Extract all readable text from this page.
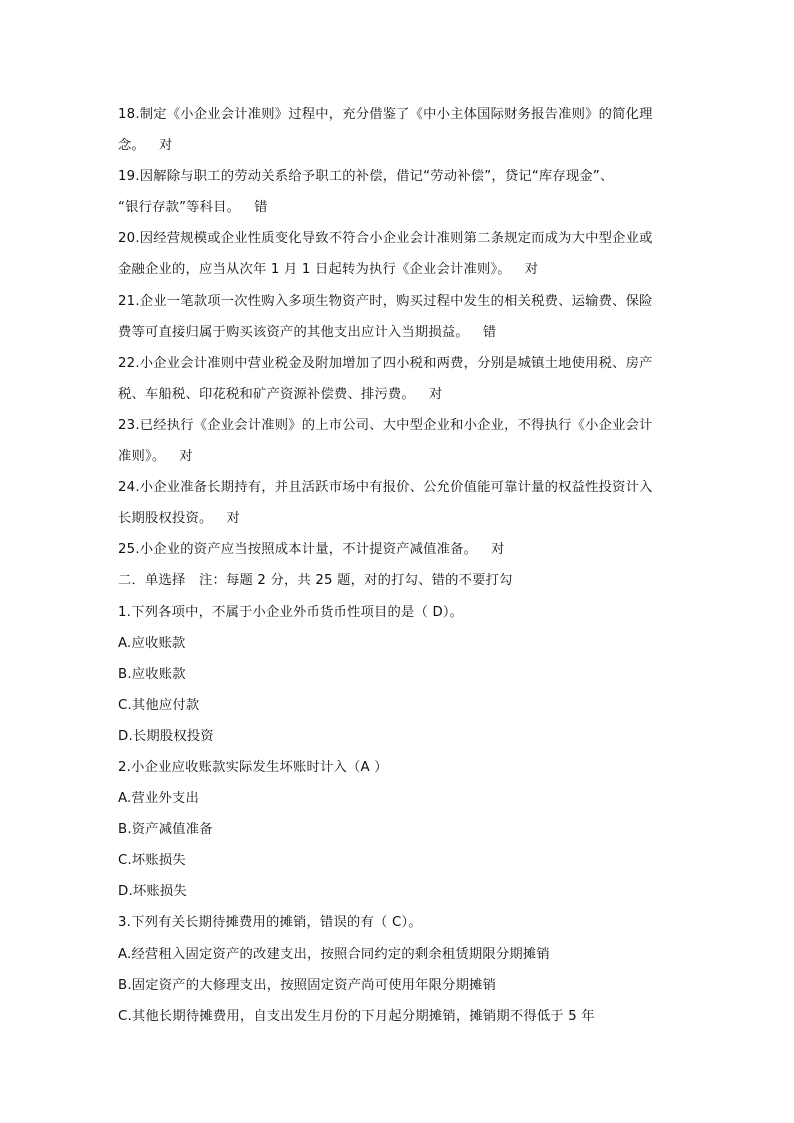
18.制定《小企业会计准则》过程中，充分借鉴了《中小主体国际财务报告准则》的简化理
念。 对
19.因解除与职工的劳动关系给予职工的补偿，借记“劳动补偿”，贷记“库存现金”、
“银行存款”等科目。 错
20.因经营规模或企业性质变化导致不符合小企业会计准则第二条规定而成为大中型企业或
金融企业的，应当从次年 1 月 1 日起转为执行《企业会计准则》。 对
21.企业一笔款项一次性购入多项生物资产时，购买过程中发生的相关税费、运输费、保险
费等可直接归属于购买该资产的其他支出应计入当期损益。 错
22.小企业会计准则中营业税金及附加增加了四小税和两费，分别是城镇土地使用税、房产
税、车船税、印花税和矿产资源补偿费、排污费。 对
23.已经执行《企业会计准则》的上市公司、大中型企业和小企业，不得执行《小企业会计
准则》。 对
24.小企业准备长期持有，并且活跃市场中有报价、公允价值能可靠计量的权益性投资计入
长期股权投资。 对
25.小企业的资产应当按照成本计量，不计提资产减值准备。 对
二．单选择　注：每题 2 分，共 25 题，对的打勾、错的不要打勾
1.下列各项中，不属于小企业外币货币性项目的是（ D）。
A.应收账款
B.应收账款
C.其他应付款
D.长期股权投资
2.小企业应收账款实际发生坏账时计入（A ）
A.营业外支出
B.资产减值准备
C.坏账损失
D.坏账损失
3.下列有关长期待摊费用的摊销，错误的有（ C）。
A.经营租入固定资产的改建支出，按照合同约定的剩余租赁期限分期摊销
B.固定资产的大修理支出，按照固定资产尚可使用年限分期摊销
C.其他长期待摊费用，自支出发生月份的下月起分期摊销，摊销期不得低于 5 年
